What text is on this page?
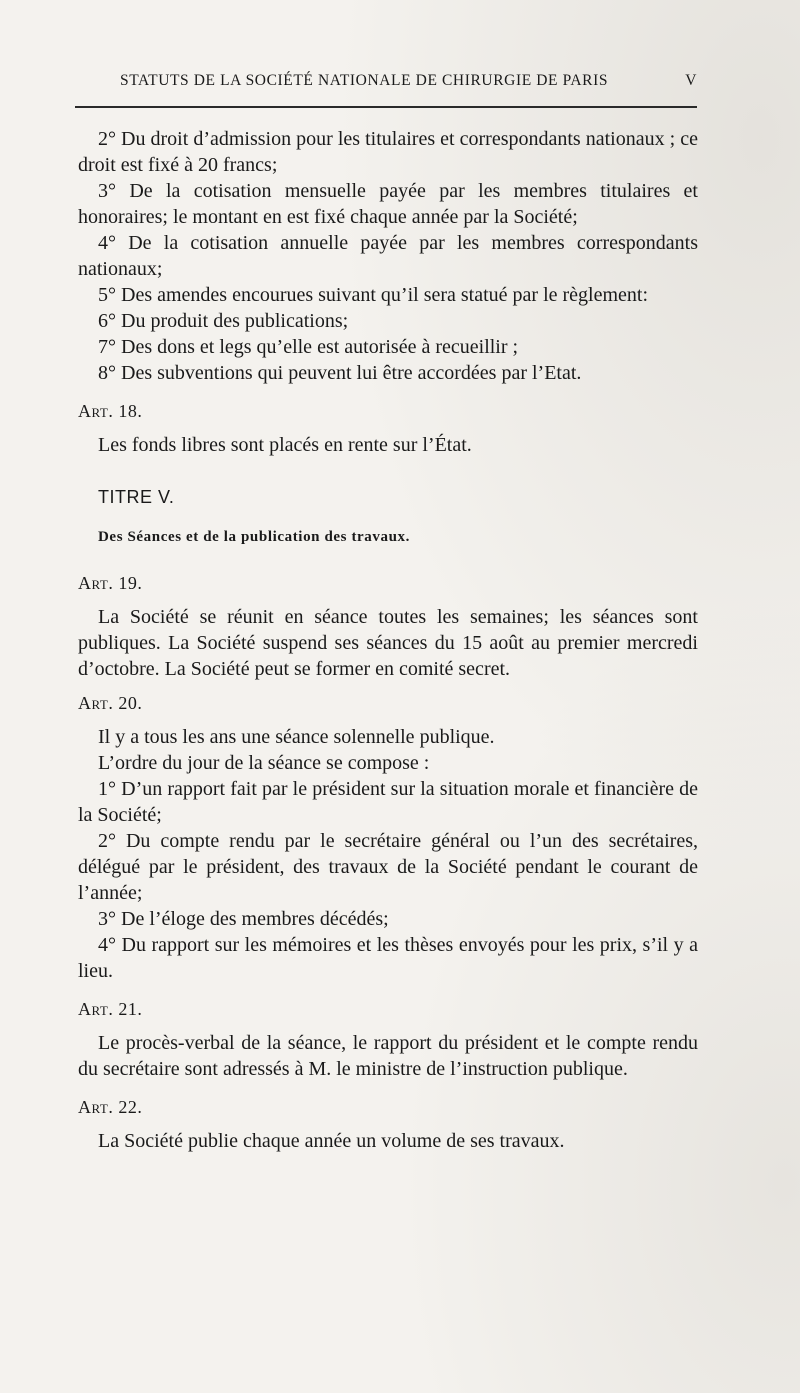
STATUTS DE LA SOCIÉTÉ NATIONALE DE CHIRURGIE DE PARIS	V

2° Du droit d’admission pour les titulaires et correspondants nationaux ; ce droit est fixé à 20 francs;

3° De la cotisation mensuelle payée par les membres titulaires et honoraires; le montant en est fixé chaque année par la Société;

4° De la cotisation annuelle payée par les membres correspondants nationaux;

5° Des amendes encourues suivant qu’il sera statué par le règlement:

6° Du produit des publications;

7° Des dons et legs qu’elle est autorisée à recueillir ;

8° Des subventions qui peuvent lui être accordées par l’Etat.

Art. 18.

Les fonds libres sont placés en rente sur l’État.

TITRE V.

Des Séances et de la publication des travaux.

Art. 19.

La Société se réunit en séance toutes les semaines; les séances sont publiques. La Société suspend ses séances du 15 août au premier mercredi d’octobre. La Société peut se former en comité secret.

Art. 20.

Il y a tous les ans une séance solennelle publique.

L’ordre du jour de la séance se compose :

1° D’un rapport fait par le président sur la situation morale et financière de la Société;

2° Du compte rendu par le secrétaire général ou l’un des secrétaires, délégué par le président, des travaux de la Société pendant le courant de l’année;

3° De l’éloge des membres décédés;

4° Du rapport sur les mémoires et les thèses envoyés pour les prix, s’il y a lieu.

Art. 21.

Le procès-verbal de la séance, le rapport du président et le compte rendu du secrétaire sont adressés à M. le ministre de l’instruction publique.

Art. 22.

La Société publie chaque année un volume de ses travaux.
